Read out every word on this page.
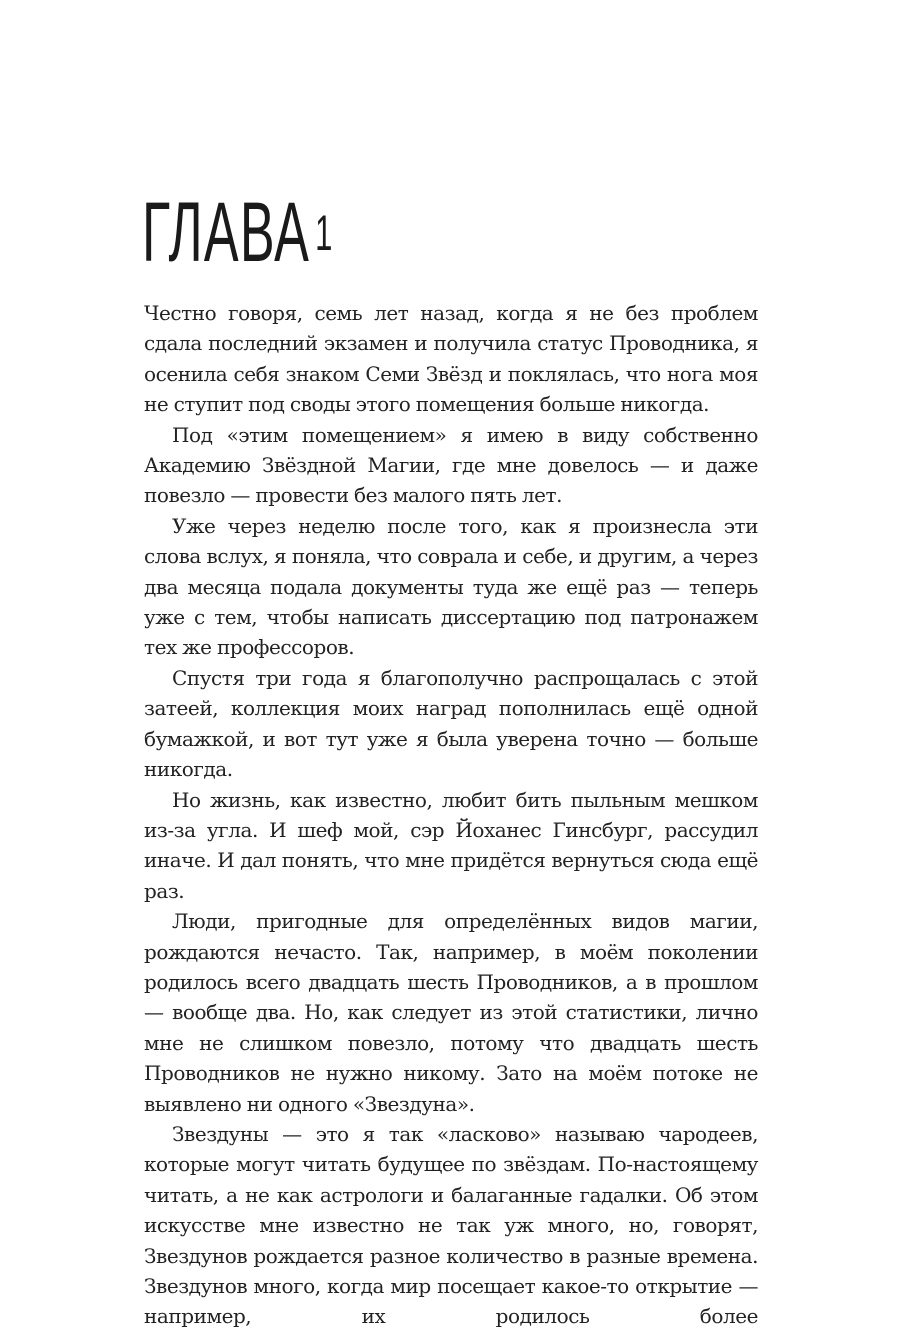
ГЛАВА1

Честно говоря, семь лет назад, когда я не без проблем сдала последний экзамен и получила статус Проводника, я осенила себя знаком Семи Звёзд и поклялась, что нога моя не ступит под своды этого помещения больше никогда.

Под «этим помещением» я имею в виду собственно Академию Звёздной Магии, где мне довелось — и даже повезло — провести без малого пять лет.

Уже через неделю после того, как я произнесла эти слова вслух, я поняла, что соврала и себе, и другим, а через два месяца подала документы туда же ещё раз — теперь уже с тем, чтобы написать диссертацию под патронажем тех же профессоров.

Спустя три года я благополучно распрощалась с этой затеей, коллекция моих наград пополнилась ещё одной бумажкой, и вот тут уже я была уверена точно — больше никогда.

Но жизнь, как известно, любит бить пыльным мешком из-за угла. И шеф мой, сэр Йоханес Гинсбург, рассудил иначе. И дал понять, что мне придётся вернуться сюда ещё раз.

Люди, пригодные для определённых видов магии, рождаются нечасто. Так, например, в моём поколении родилось всего двадцать шесть Проводников, а в прошлом — вообще два. Но, как следует из этой статистики, лично мне не слишком повезло, потому что двадцать шесть Проводников не нужно никому. Зато на моём потоке не выявлено ни одного «Звездуна».

Звездуны — это я так «ласково» называю чародеев, которые могут читать будущее по звёздам. По-настоящему читать, а не как астрологи и балаганные гадалки. Об этом искусстве мне известно не так уж много, но, говорят, Звездунов рождается разное количество в разные времена. Звездунов много, когда мир посещает какое-то открытие — например, их родилось более
